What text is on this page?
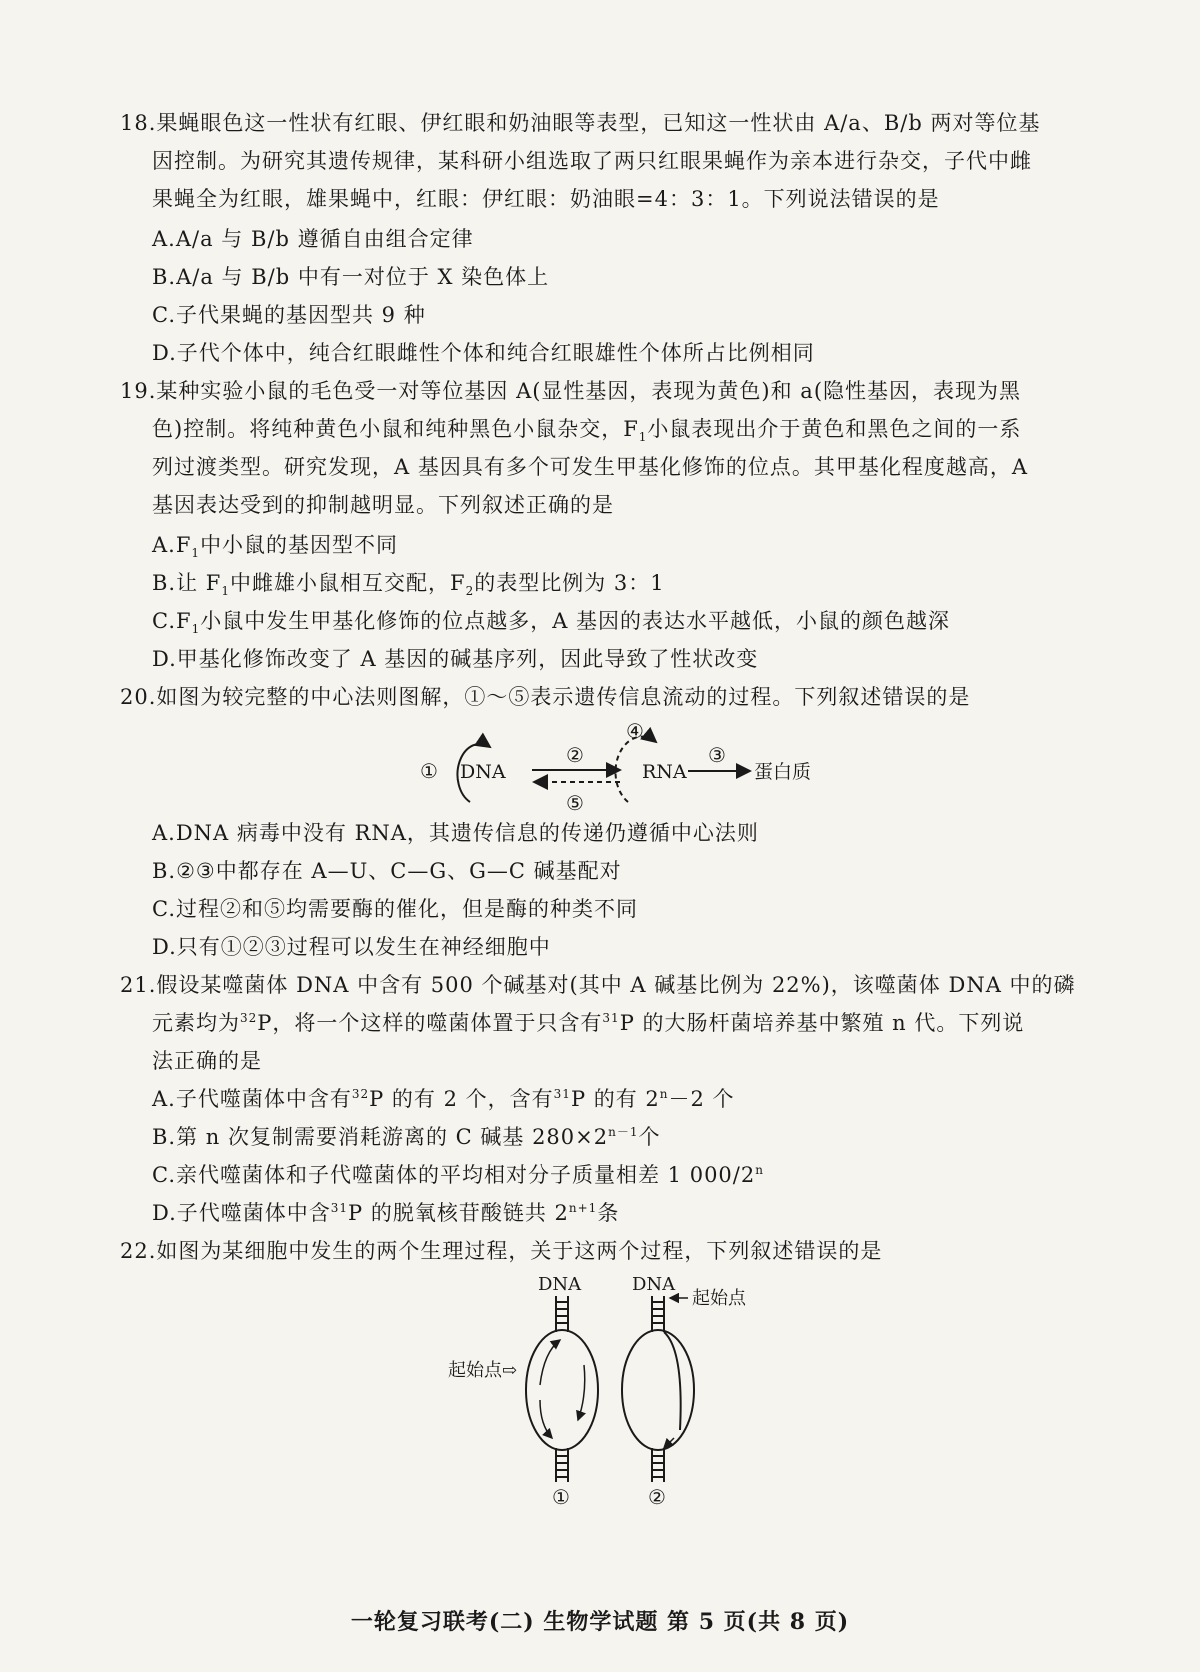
18.果蝇眼色这一性状有红眼、伊红眼和奶油眼等表型，已知这一性状由 A/a、B/b 两对等位基
因控制。为研究其遗传规律，某科研小组选取了两只红眼果蝇作为亲本进行杂交，子代中雌
果蝇全为红眼，雄果蝇中，红眼：伊红眼：奶油眼=4：3：1。下列说法错误的是
A.A/a 与 B/b 遵循自由组合定律
B.A/a 与 B/b 中有一对位于 X 染色体上
C.子代果蝇的基因型共 9 种
D.子代个体中，纯合红眼雌性个体和纯合红眼雄性个体所占比例相同
19.某种实验小鼠的毛色受一对等位基因 A(显性基因，表现为黄色)和 a(隐性基因，表现为黑
色)控制。将纯种黄色小鼠和纯种黑色小鼠杂交，$F_1$小鼠表现出介于黄色和黑色之间的一系
列过渡类型。研究发现，A 基因具有多个可发生甲基化修饰的位点。其甲基化程度越高，A
基因表达受到的抑制越明显。下列叙述正确的是
$A.F_1$中小鼠的基因型不同
B.让 $F_1$中雌雄小鼠相互交配，$F_2$的表型比例为 3：1
$C.F_1$小鼠中发生甲基化修饰的位点越多，A 基因的表达水平越低，小鼠的颜色越深
D.甲基化修饰改变了 A 基因的碱基序列，因此导致了性状改变
20.如图为较完整的中心法则图解，①～⑤表示遗传信息流动的过程。下列叙述错误的是
① DNA
②
⑤
④
RNA
③
蛋白质
A.DNA 病毒中没有 RNA，其遗传信息的传递仍遵循中心法则
B.②③中都存在 A—U、C—G、G—C 碱基配对
C.过程②和⑤均需要酶的催化，但是酶的种类不同
D.只有①②③过程可以发生在神经细胞中
21.假设某噬菌体 DNA 中含有 500 个碱基对(其中 A 碱基比例为 22%)，该噬菌体 DNA 中的磷
元素均为$^{32}$P，将一个这样的噬菌体置于只含有$^{31}$P 的大肠杆菌培养基中繁殖 n 代。下列说
法正确的是
A.子代噬菌体中含有$^{32}$P 的有 2 个，含有$^{31}$P 的有 $2^n-2$ 个
B.第 n 次复制需要消耗游离的 C 碱基 $280\times 2^{n-1}$个
C.亲代噬菌体和子代噬菌体的平均相对分子质量相差 1 000/2$^n$
D.子代噬菌体中含$^{31}$P 的脱氧核苷酸链共 $2^{n+1}$条
22.如图为某细胞中发生的两个生理过程，关于这两个过程，下列叙述错误的是
DNA
起始点⇨
①
DNA
起始点
②
一轮复习联考(二) 生物学试题 第 5 页(共 8 页)
